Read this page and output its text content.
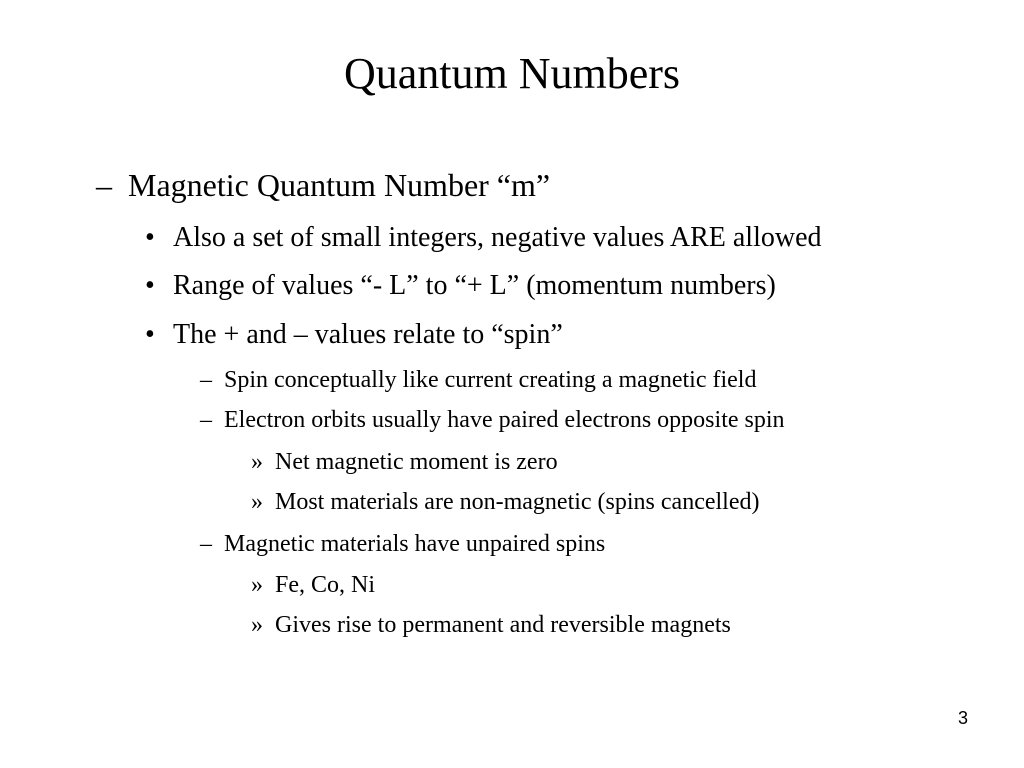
Quantum Numbers
– Magnetic Quantum Number “m”
• Also a set of small integers, negative values ARE allowed
• Range of values “- L” to “+ L” (momentum numbers)
• The + and – values relate to “spin”
– Spin conceptually like current creating a magnetic field
– Electron orbits usually have paired electrons opposite spin
» Net magnetic moment is zero
» Most materials are non-magnetic (spins cancelled)
– Magnetic materials have unpaired spins
» Fe, Co, Ni
» Gives rise to permanent and reversible magnets
3
